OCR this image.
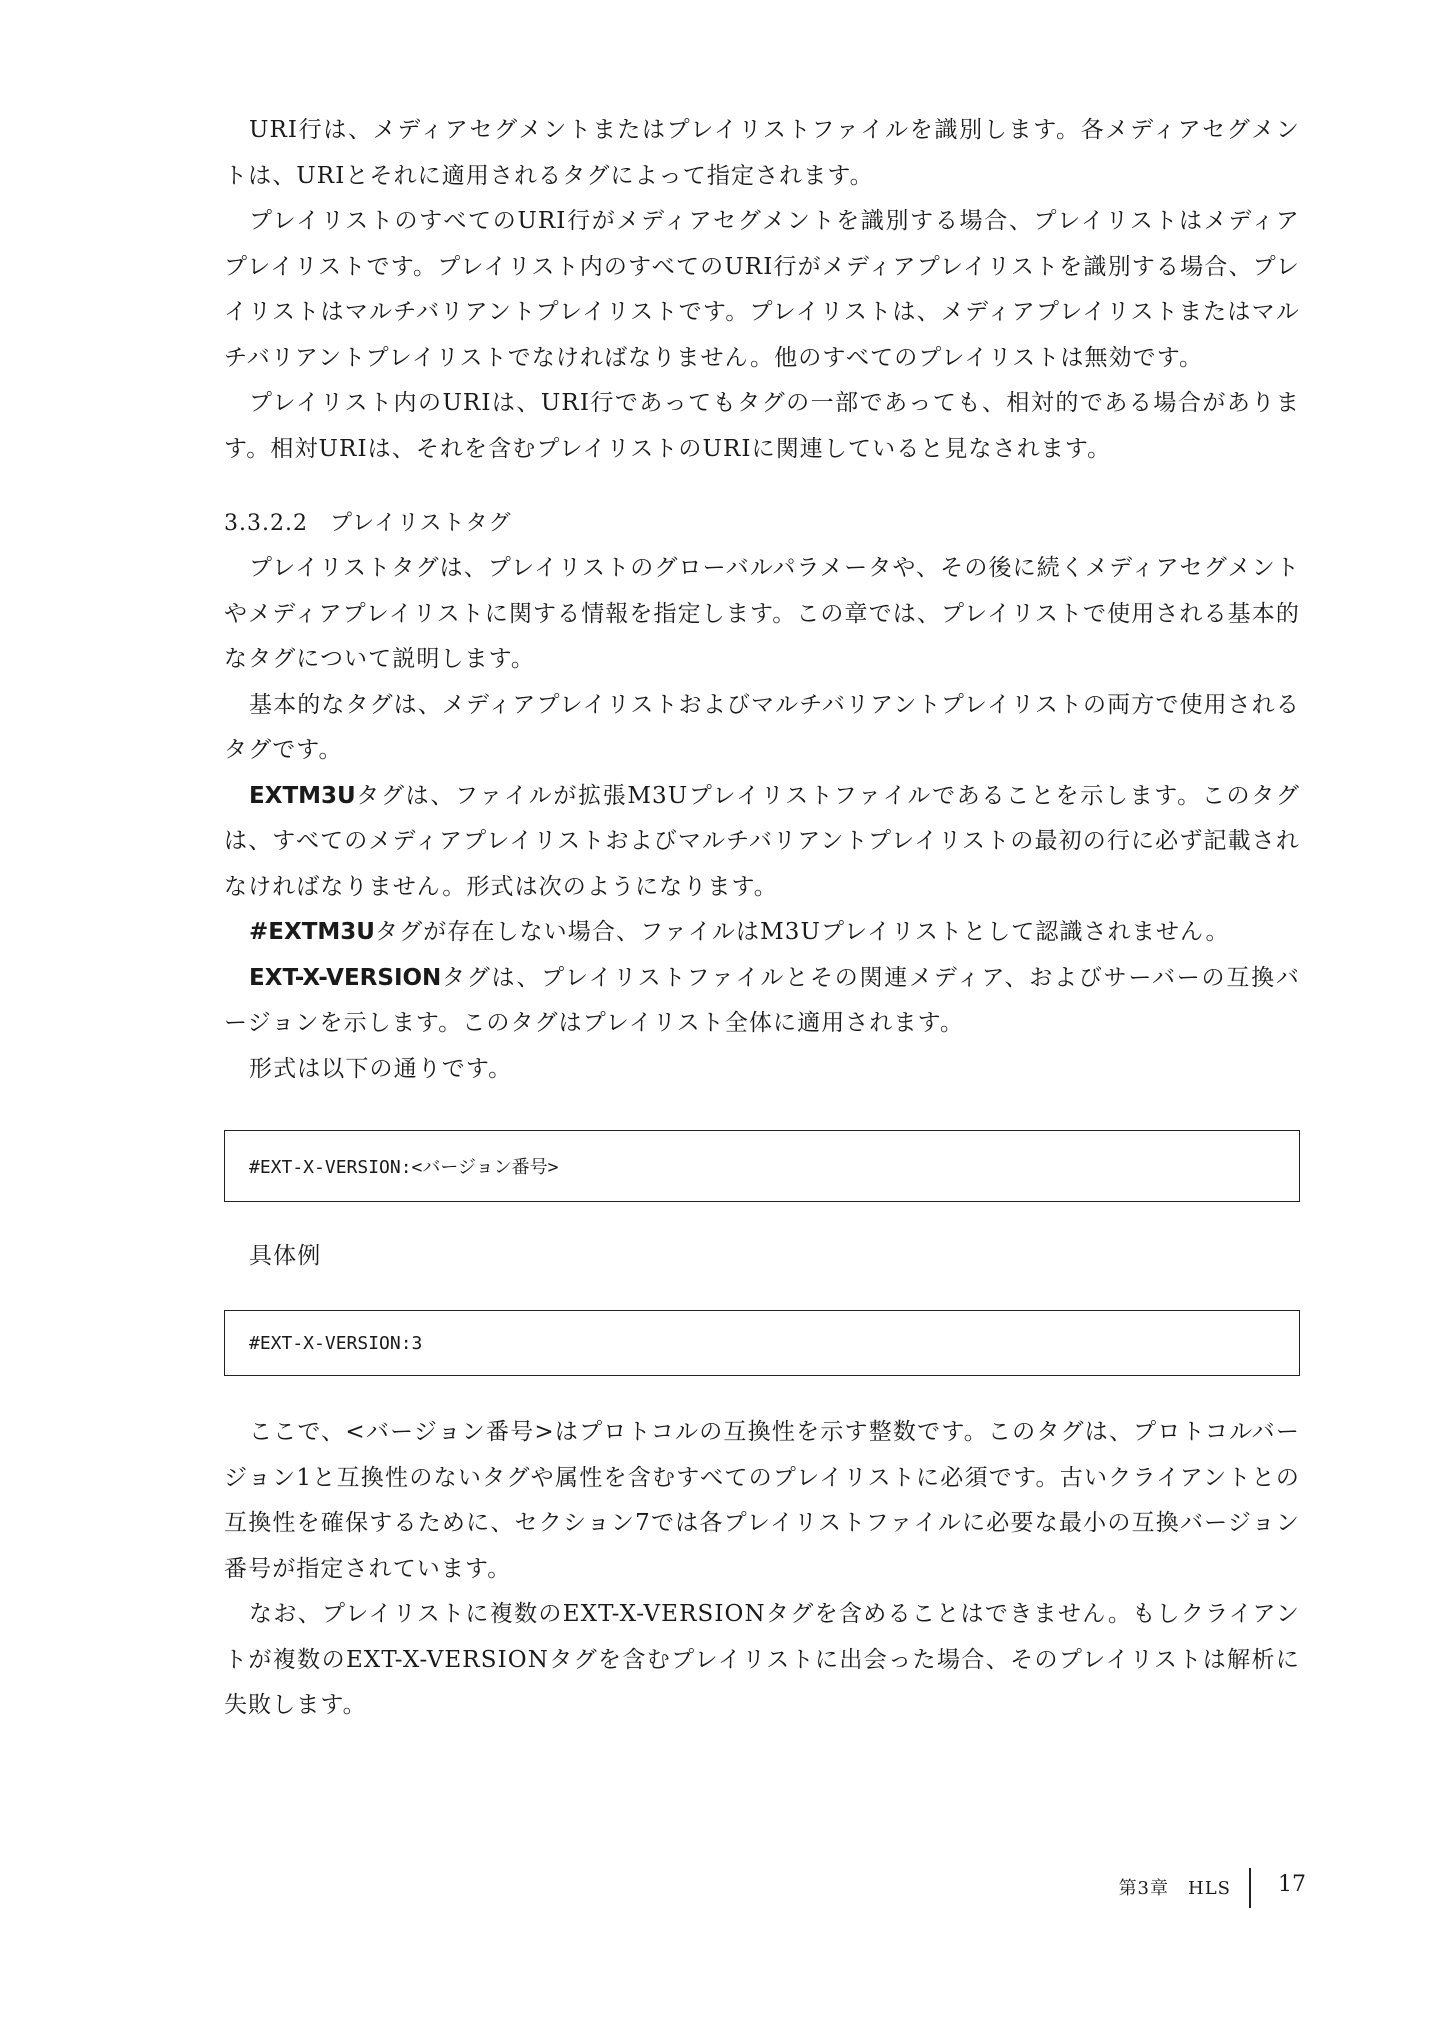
URI行は、メディアセグメントまたはプレイリストファイルを識別します。各メディアセグメントは、URIとそれに適用されるタグによって指定されます。

プレイリストのすべてのURI行がメディアセグメントを識別する場合、プレイリストはメディアプレイリストです。プレイリスト内のすべてのURI行がメディアプレイリストを識別する場合、プレイリストはマルチバリアントプレイリストです。プレイリストは、メディアプレイリストまたはマルチバリアントプレイリストでなければなりません。他のすべてのプレイリストは無効です。

プレイリスト内のURIは、URI行であってもタグの一部であっても、相対的である場合があります。相対URIは、それを含むプレイリストのURIに関連していると見なされます。

3.3.2.2 プレイリストタグ

プレイリストタグは、プレイリストのグローバルパラメータや、その後に続くメディアセグメントやメディアプレイリストに関する情報を指定します。この章では、プレイリストで使用される基本的なタグについて説明します。

基本的なタグは、メディアプレイリストおよびマルチバリアントプレイリストの両方で使用されるタグです。

EXTM3Uタグは、ファイルが拡張M3Uプレイリストファイルであることを示します。このタグは、すべてのメディアプレイリストおよびマルチバリアントプレイリストの最初の行に必ず記載されなければなりません。形式は次のようになります。

#EXTM3Uタグが存在しない場合、ファイルはM3Uプレイリストとして認識されません。

EXT-X-VERSIONタグは、プレイリストファイルとその関連メディア、およびサーバーの互換バージョンを示します。このタグはプレイリスト全体に適用されます。

形式は以下の通りです。

#EXT-X-VERSION:<バージョン番号>

具体例

#EXT-X-VERSION:3

ここで、<バージョン番号>はプロトコルの互換性を示す整数です。このタグは、プロトコルバージョン1と互換性のないタグや属性を含むすべてのプレイリストに必須です。古いクライアントとの互換性を確保するために、セクション7では各プレイリストファイルに必要な最小の互換バージョン番号が指定されています。

なお、プレイリストに複数のEXT-X-VERSIONタグを含めることはできません。もしクライアントが複数のEXT-X-VERSIONタグを含むプレイリストに出会った場合、そのプレイリストは解析に失敗します。

第3章　HLS 17
